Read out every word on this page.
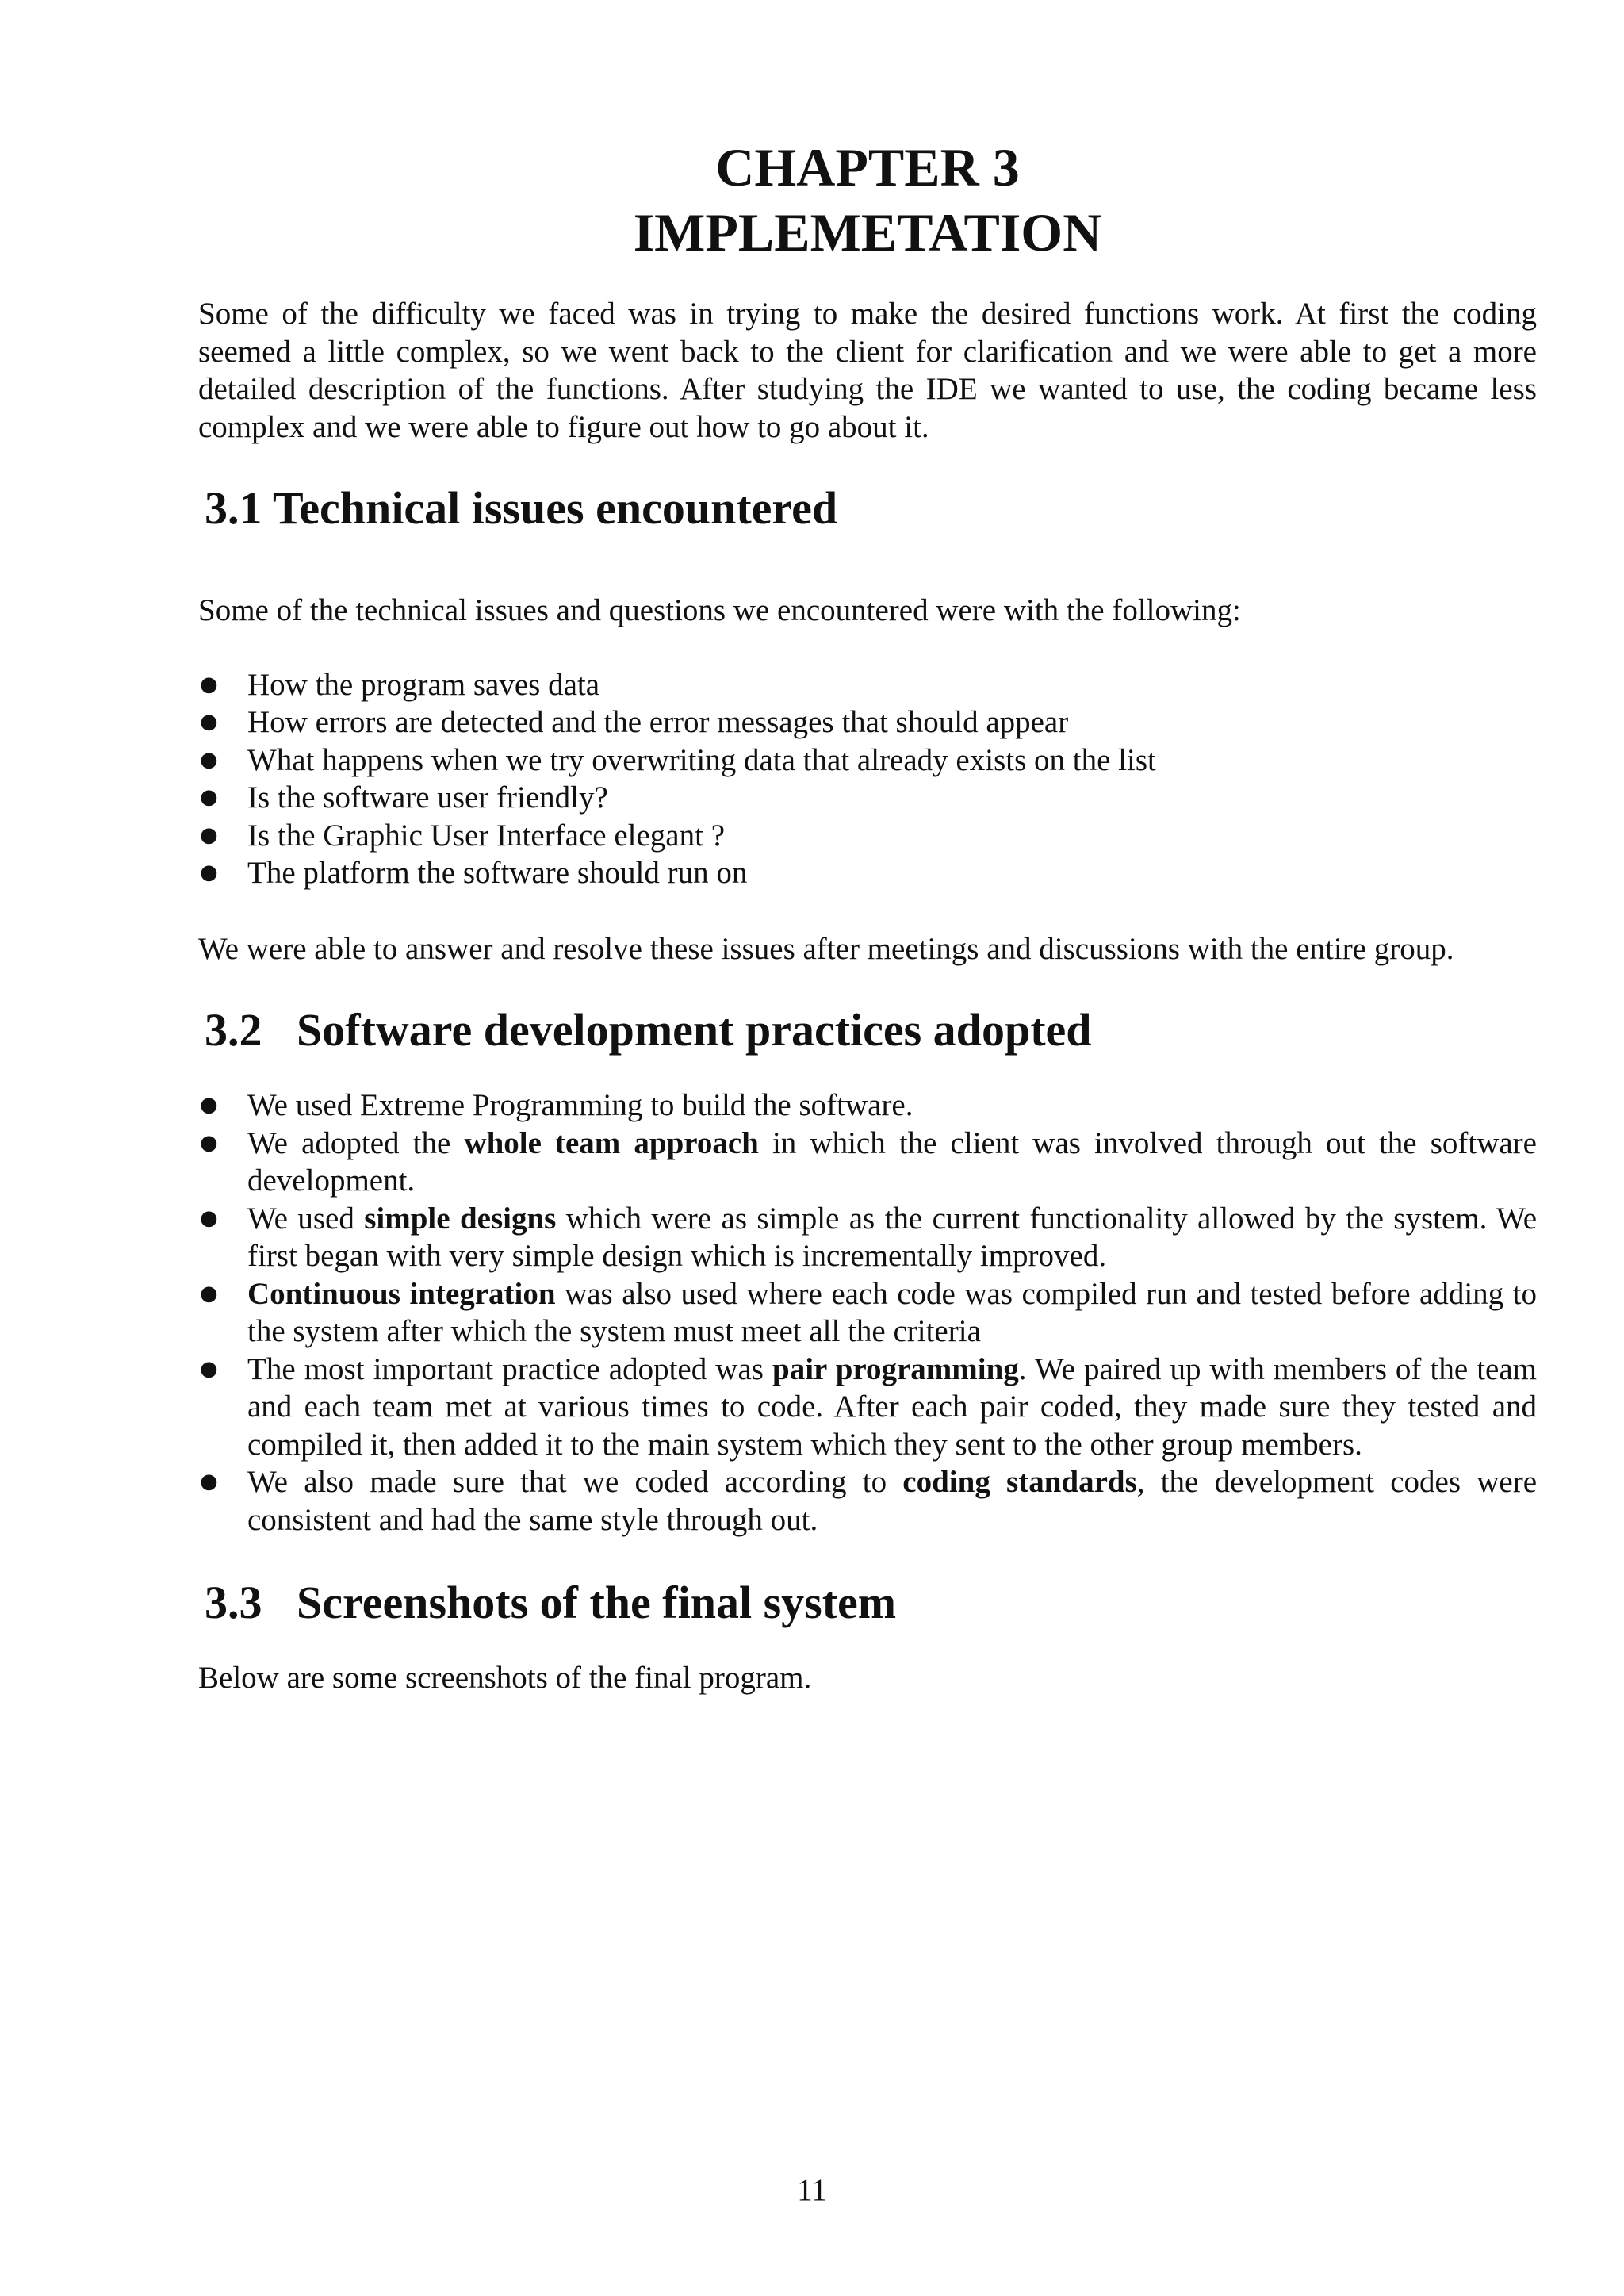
CHAPTER 3
IMPLEMETATION

Some of the difficulty we faced was in trying to make the desired functions work. At first the coding seemed a little complex, so we went back to the client for clarification and we were able to get a more detailed description of the functions. After studying the IDE we wanted to use, the coding became less complex and we were able to figure out how to go about it.

3.1 Technical issues encountered

Some of the technical issues and questions we encountered were with the following:

● How the program saves data
● How errors are detected and the error messages that should appear
● What happens when we try overwriting data that already exists on the list
● Is the software user friendly?
● Is the Graphic User Interface elegant ?
● The platform the software should run on

We were able to answer and resolve these issues after meetings and discussions with the entire group.

3.2   Software development practices adopted
● We used Extreme Programming to build the software.
● We adopted the whole team approach in which the client was involved through out the software development.
● We used simple designs which were as simple as the current functionality allowed by the system. We first began with very simple design which is incrementally improved.
● Continuous integration was also used where each code was compiled run and tested before adding to the system after which the system must meet all the criteria
● The most important practice adopted was pair programming. We paired up with members of the team and each team met at various times to code. After each pair coded, they made sure they tested and compiled it, then added it to the main system which they sent to the other group members.
● We also made sure that we coded according to coding standards, the development codes were consistent and had the same style through out.
3.3   Screenshots of the final system

Below are some screenshots of the final program.

11
